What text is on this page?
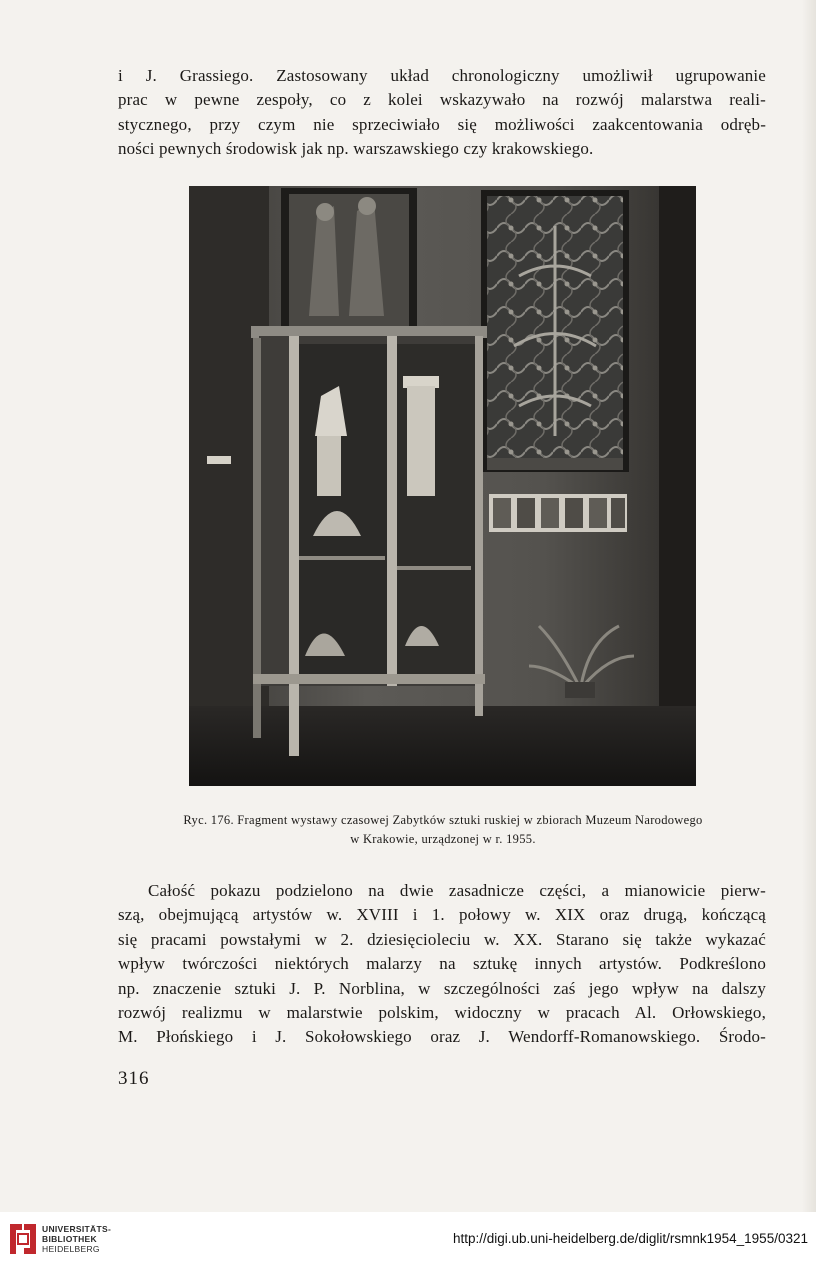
i J. Grassiego. Zastosowany układ chronologiczny umożliwił ugrupowanie
prac w pewne zespoły, co z kolei wskazywało na rozwój malarstwa reali-
stycznego, przy czym nie sprzeciwiało się możliwości zaakcentowania odręb-
ności pewnych środowisk jak np. warszawskiego czy krakowskiego.
Ryc. 176. Fragment wystawy czasowej Zabytków sztuki ruskiej w zbiorach Muzeum Narodowego
w Krakowie, urządzonej w r. 1955.
Całość pokazu podzielono na dwie zasadnicze części, a mianowicie pierw-
szą, obejmującą artystów w. XVIII i 1. połowy w. XIX oraz drugą, kończącą
się pracami powstałymi w 2. dziesięcioleciu w. XX. Starano się także wykazać
wpływ twórczości niektórych malarzy na sztukę innych artystów. Podkreślono
np. znaczenie sztuki J. P. Norblina, w szczególności zaś jego wpływ na dalszy
rozwój realizmu w malarstwie polskim, widoczny w pracach Al. Orłowskiego,
M. Płońskiego i J. Sokołowskiego oraz J. Wendorff-Romanowskiego. Środo-
316
UNIVERSITÄTS-
BIBLIOTHEK
HEIDELBERG
http://digi.ub.uni-heidelberg.de/diglit/rsmnk1954_1955/0321
